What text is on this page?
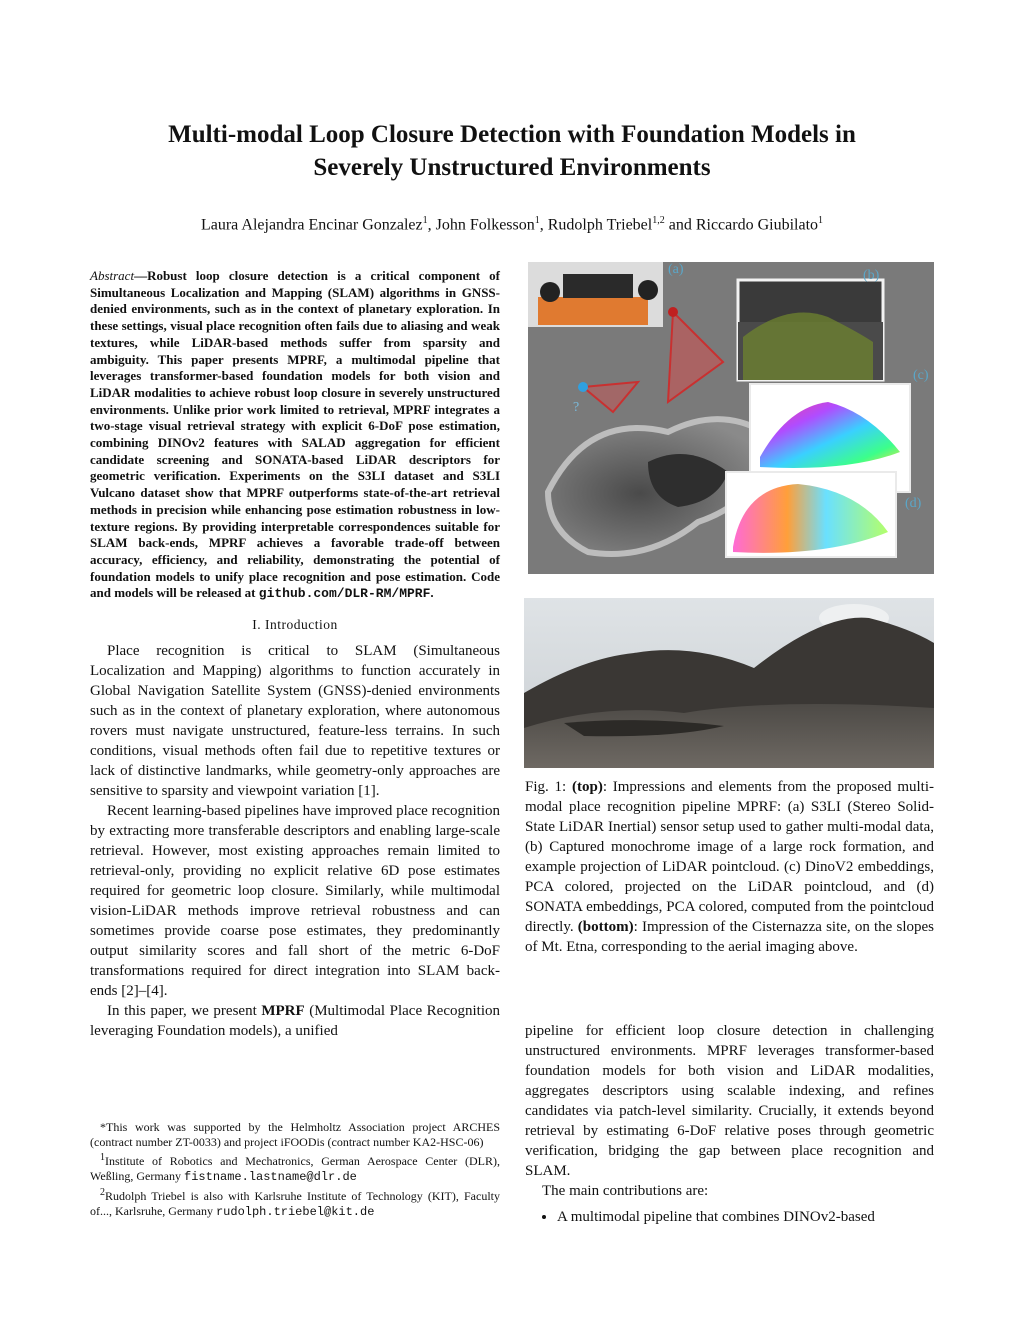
Multi-modal Loop Closure Detection with Foundation Models in
Severely Unstructured Environments
Laura Alejandra Encinar Gonzalez$^1$, John Folkesson$^1$, Rudolph Triebel$^{1,2}$ and Riccardo Giubilato$^1$
Abstract—Robust loop closure detection is a critical component of Simultaneous Localization and Mapping (SLAM) algorithms in GNSS-denied environments, such as in the context of planetary exploration. In these settings, visual place recognition often fails due to aliasing and weak textures, while LiDAR-based methods suffer from sparsity and ambiguity. This paper presents MPRF, a multimodal pipeline that leverages transformer-based foundation models for both vision and LiDAR modalities to achieve robust loop closure in severely unstructured environments. Unlike prior work limited to retrieval, MPRF integrates a two-stage visual retrieval strategy with explicit 6-DoF pose estimation, combining DINOv2 features with SALAD aggregation for efficient candidate screening and SONATA-based LiDAR descriptors for geometric verification. Experiments on the S3LI dataset and S3LI Vulcano dataset show that MPRF outperforms state-of-the-art retrieval methods in precision while enhancing pose estimation robustness in low-texture regions. By providing interpretable correspondences suitable for SLAM back-ends, MPRF achieves a favorable trade-off between accuracy, efficiency, and reliability, demonstrating the potential of foundation models to unify place recognition and pose estimation. Code and models will be released at github.com/DLR-RM/MPRF.
I. Introduction

Place recognition is critical to SLAM (Simultaneous Localization and Mapping) algorithms to function accurately in Global Navigation Satellite System (GNSS)-denied environments such as in the context of planetary exploration, where autonomous rovers must navigate unstructured, feature-less terrains. In such conditions, visual methods often fail due to repetitive textures or lack of distinctive landmarks, while geometry-only approaches are sensitive to sparsity and viewpoint variation [1].

Recent learning-based pipelines have improved place recognition by extracting more transferable descriptors and enabling large-scale retrieval. However, most existing approaches remain limited to retrieval-only, providing no explicit relative 6D pose estimates required for geometric loop closure. Similarly, while multimodal vision-LiDAR methods improve retrieval robustness and can sometimes provide coarse pose estimates, they predominantly output similarity scores and fall short of the metric 6-DoF transformations required for direct integration into SLAM back-ends [2]–[4].

In this paper, we present MPRF (Multimodal Place Recognition leveraging Foundation models), a unified

*This work was supported by the Helmholtz Association project ARCHES (contract number ZT-0033) and project iFOODis (contract number KA2-HSC-06)

$^1$Institute of Robotics and Mechatronics, German Aerospace Center (DLR), Weßling, Germany fistname.lastname@dlr.de

$^2$Rudolph Triebel is also with Karlsruhe Institute of Technology (KIT), Faculty of..., Karlsruhe, Germany rudolph.triebel@kit.de

(a)	(b)
(c)
(d)
?
Fig. 1: (top): Impressions and elements from the proposed multi-modal place recognition pipeline MPRF: (a) S3LI (Stereo Solid-State LiDAR Inertial) sensor setup used to gather multi-modal data, (b) Captured monochrome image of a large rock formation, and example projection of LiDAR pointcloud. (c) DinoV2 embeddings, PCA colored, projected on the LiDAR pointcloud, and (d) SONATA embeddings, PCA colored, computed from the pointcloud directly. (bottom): Impression of the Cisternazza site, on the slopes of Mt. Etna, corresponding to the aerial imaging above.

pipeline for efficient loop closure detection in challenging unstructured environments. MPRF leverages transformer-based foundation models for both vision and LiDAR modalities, aggregates descriptors using scalable indexing, and refines candidates via patch-level similarity. Crucially, it extends beyond retrieval by estimating 6-DoF relative poses through geometric verification, bridging the gap between place recognition and SLAM.

The main contributions are:

• A multimodal pipeline that combines DINOv2-based
